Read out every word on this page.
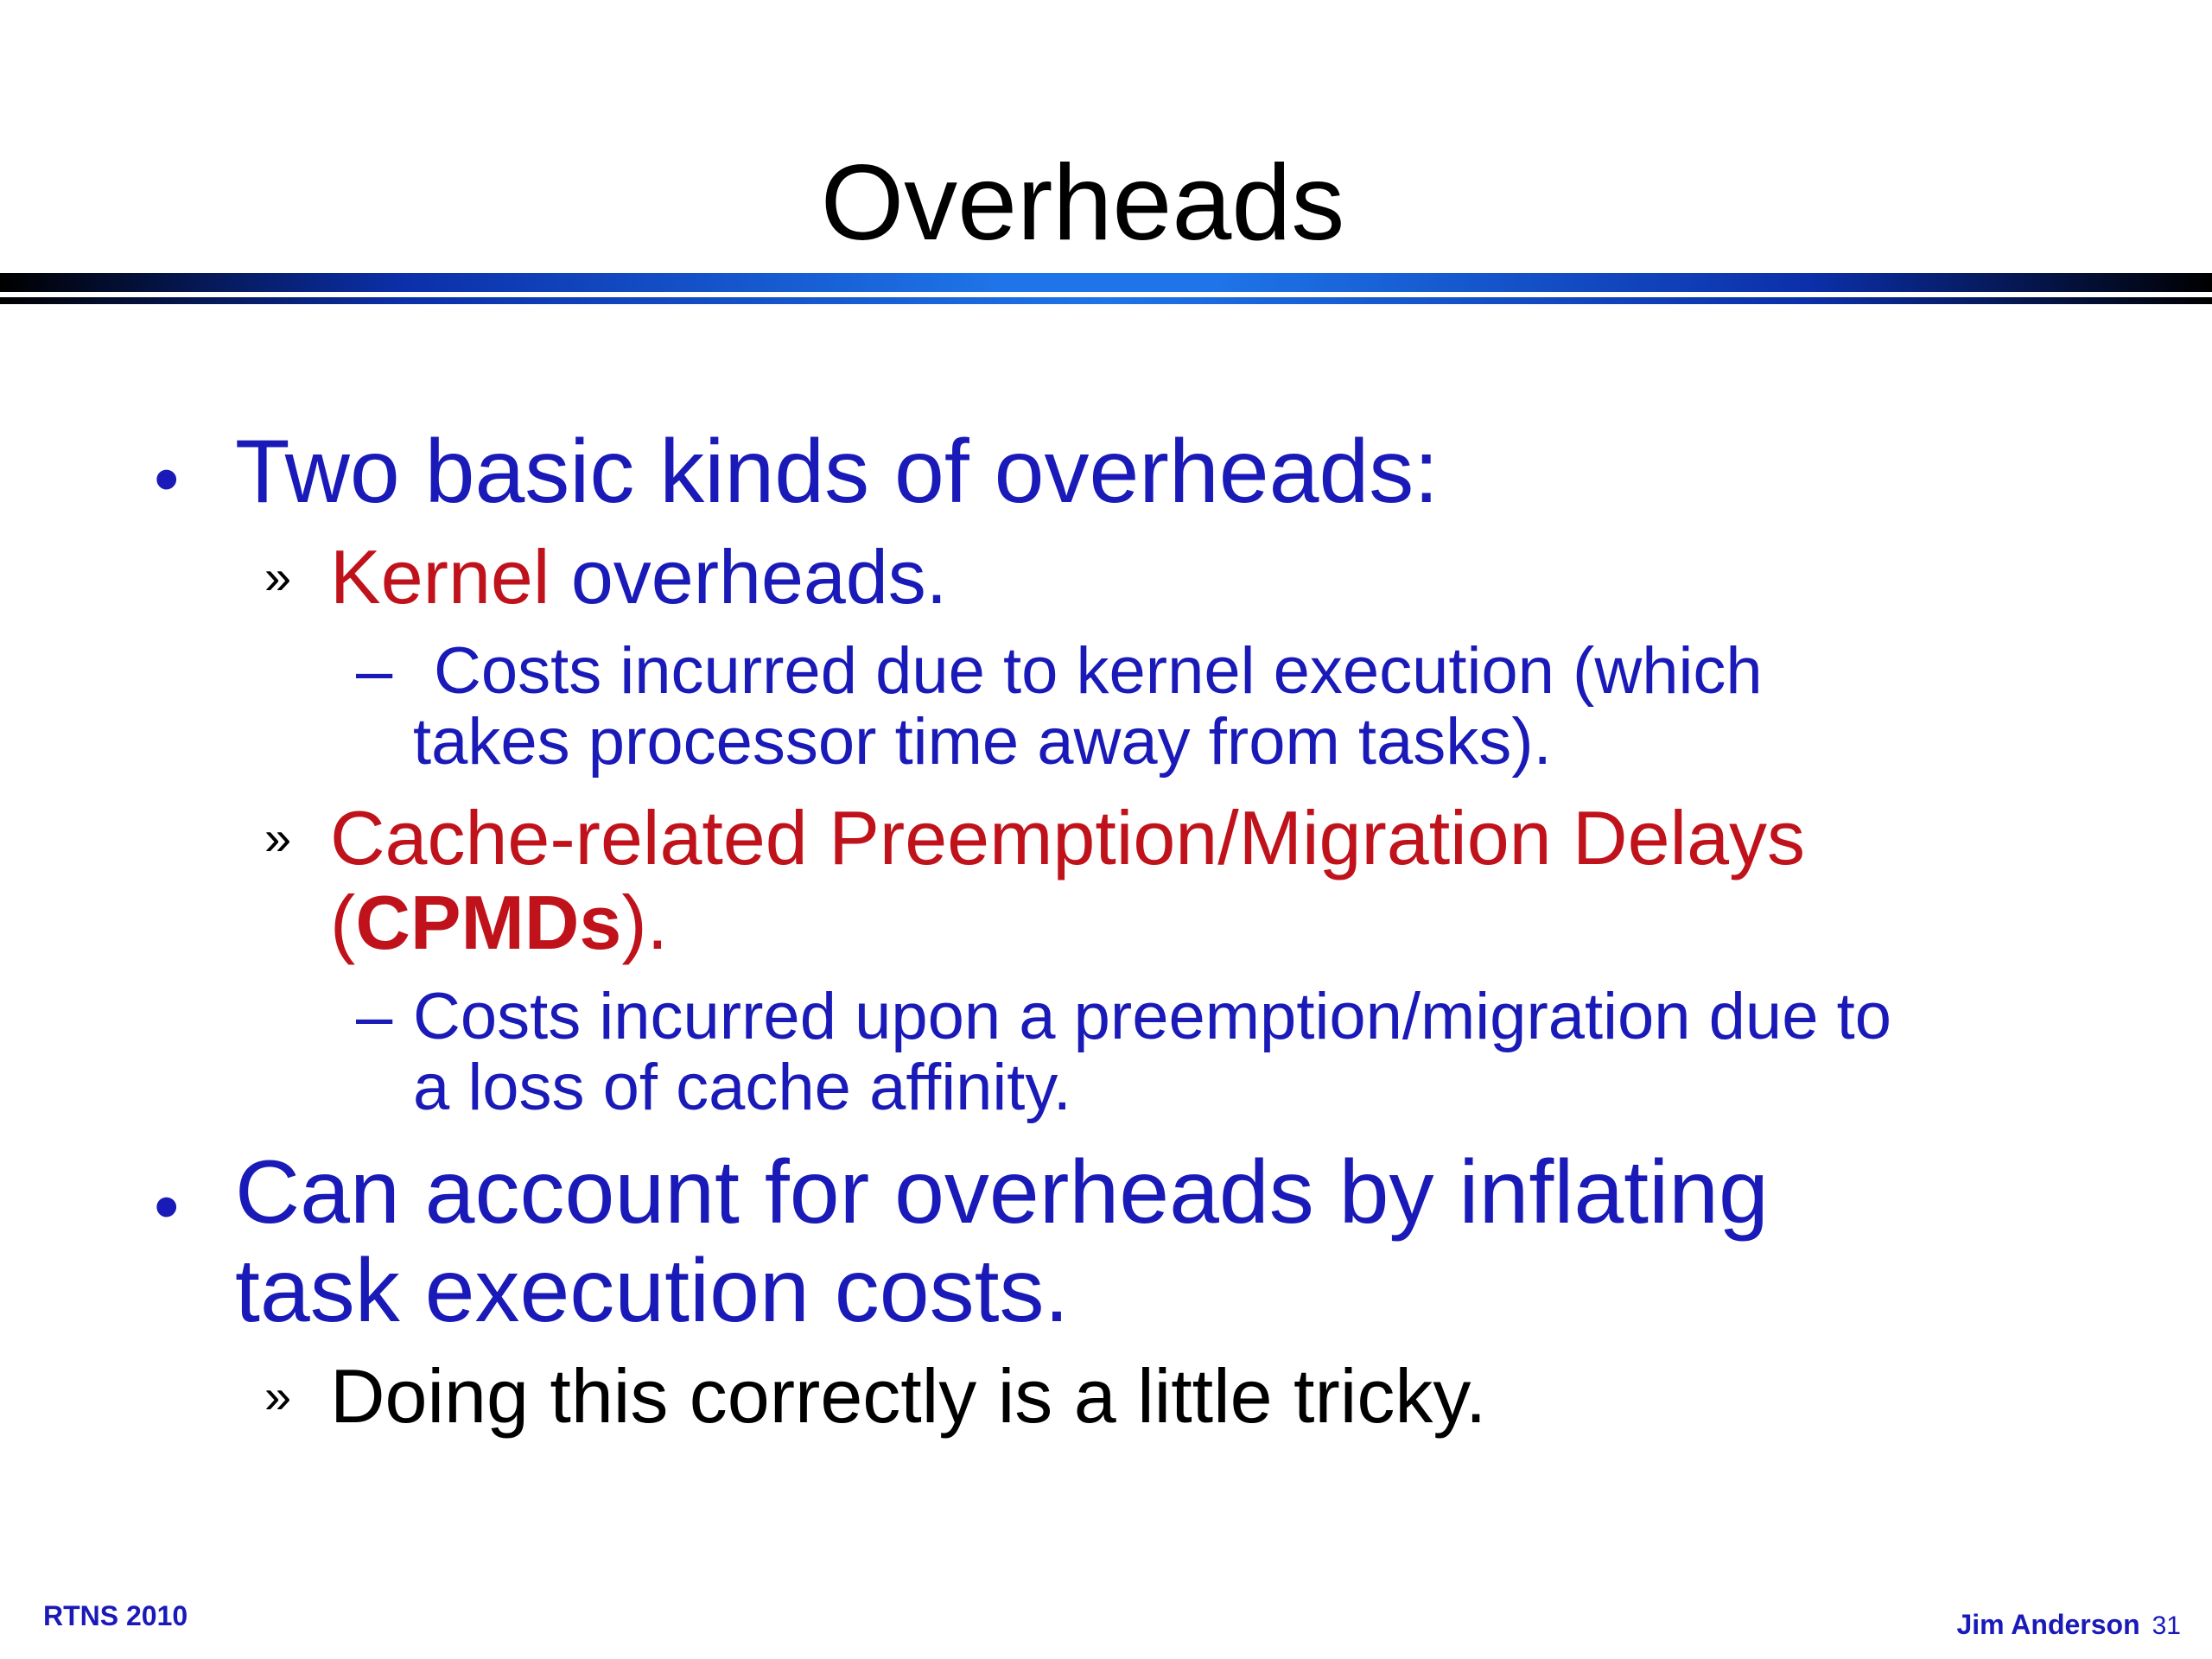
Overheads
• Two basic kinds of overheads:
» Kernel overheads.
– Costs incurred due to kernel execution (which
takes processor time away from tasks).
» Cache-related Preemption/Migration Delays
(CPMDs).
– Costs incurred upon a preemption/migration due to
a loss of cache affinity.
• Can account for overheads by inflating
task execution costs.
» Doing this correctly is a little tricky.
RTNS 2010	Jim Anderson 31
